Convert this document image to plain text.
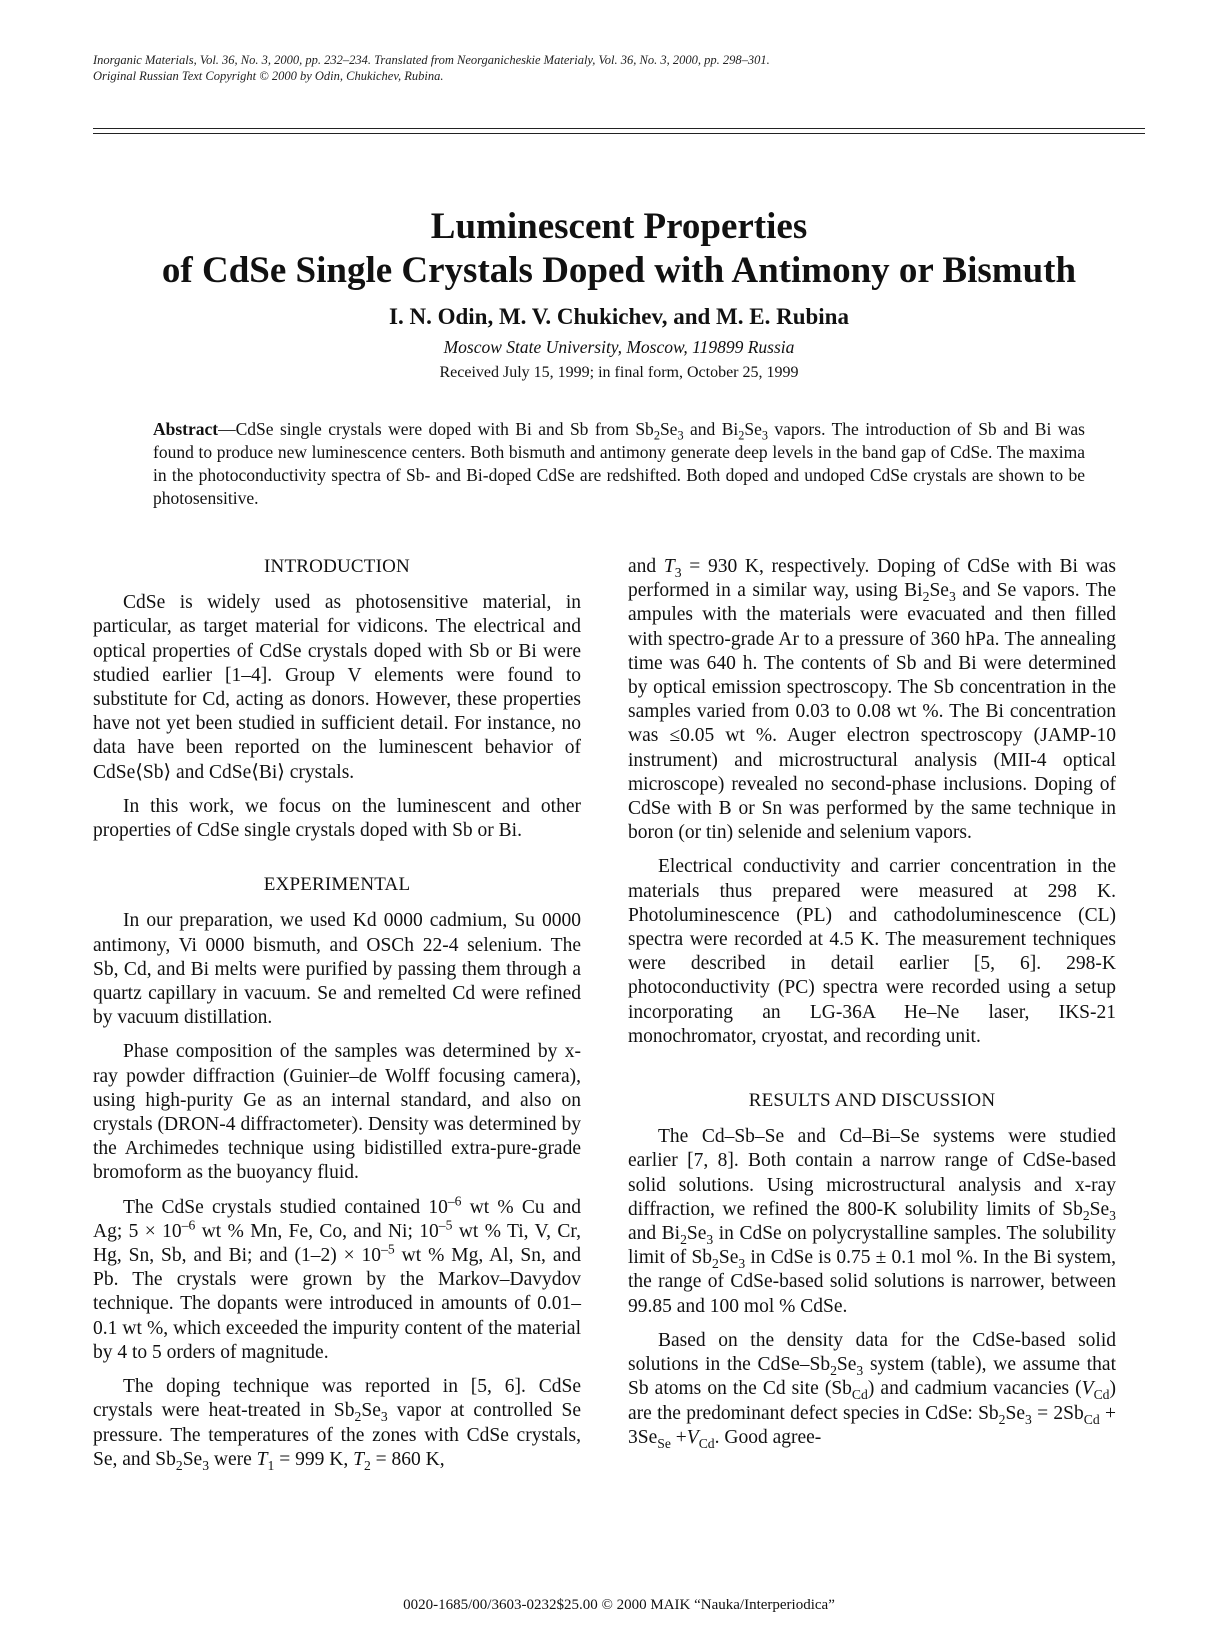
Inorganic Materials, Vol. 36, No. 3, 2000, pp. 232–234. Translated from Neorganicheskie Materialy, Vol. 36, No. 3, 2000, pp. 298–301.
Original Russian Text Copyright © 2000 by Odin, Chukichev, Rubina.
Luminescent Properties
of CdSe Single Crystals Doped with Antimony or Bismuth
I. N. Odin, M. V. Chukichev, and M. E. Rubina
Moscow State University, Moscow, 119899 Russia
Received July 15, 1999; in final form, October 25, 1999
Abstract—CdSe single crystals were doped with Bi and Sb from $Sb_2Se_3$ and $Bi_2Se_3$ vapors. The introduction of Sb and Bi was found to produce new luminescence centers. Both bismuth and antimony generate deep levels in the band gap of CdSe. The maxima in the photoconductivity spectra of Sb- and Bi-doped CdSe are redshifted. Both doped and undoped CdSe crystals are shown to be photosensitive.
INTRODUCTION

CdSe is widely used as photosensitive material, in particular, as target material for vidicons. The electrical and optical properties of CdSe crystals doped with Sb or Bi were studied earlier [1–4]. Group V elements were found to substitute for Cd, acting as donors. However, these properties have not yet been studied in sufficient detail. For instance, no data have been reported on the luminescent behavior of CdSe⟨Sb⟩ and CdSe⟨Bi⟩ crystals.

In this work, we focus on the luminescent and other properties of CdSe single crystals doped with Sb or Bi.

EXPERIMENTAL

In our preparation, we used Kd 0000 cadmium, Su 0000 antimony, Vi 0000 bismuth, and OSCh 22-4 selenium. The Sb, Cd, and Bi melts were purified by passing them through a quartz capillary in vacuum. Se and remelted Cd were refined by vacuum distillation.

Phase composition of the samples was determined by x-ray powder diffraction (Guinier–de Wolff focusing camera), using high-purity Ge as an internal standard, and also on crystals (DRON-4 diffractometer). Density was determined by the Archimedes technique using bidistilled extra-pure-grade bromoform as the buoyancy fluid.

The CdSe crystals studied contained $10^{-6}$ wt % Cu and Ag; $5 \times 10^{-6}$ wt % Mn, Fe, Co, and Ni; $10^{-5}$ wt % Ti, V, Cr, Hg, Sn, Sb, and Bi; and $(1-2) \times 10^{-5}$ wt % Mg, Al, Sn, and Pb. The crystals were grown by the Markov–Davydov technique. The dopants were introduced in amounts of 0.01–0.1 wt %, which exceeded the impurity content of the material by 4 to 5 orders of magnitude.

The doping technique was reported in [5, 6]. CdSe crystals were heat-treated in $Sb_2Se_3$ vapor at controlled Se pressure. The temperatures of the zones with CdSe crystals, Se, and $Sb_2Se_3$ were $T_1 = 999$ K, $T_2 = 860$ K,

and $T_3 = 930$ K, respectively. Doping of CdSe with Bi was performed in a similar way, using $Bi_2Se_3$ and Se vapors. The ampules with the materials were evacuated and then filled with spectro-grade Ar to a pressure of 360 hPa. The annealing time was 640 h. The contents of Sb and Bi were determined by optical emission spectroscopy. The Sb concentration in the samples varied from 0.03 to 0.08 wt %. The Bi concentration was ≤0.05 wt %. Auger electron spectroscopy (JAMP-10 instrument) and microstructural analysis (MII-4 optical microscope) revealed no second-phase inclusions. Doping of CdSe with B or Sn was performed by the same technique in boron (or tin) selenide and selenium vapors.

Electrical conductivity and carrier concentration in the materials thus prepared were measured at 298 K. Photoluminescence (PL) and cathodoluminescence (CL) spectra were recorded at 4.5 K. The measurement techniques were described in detail earlier [5, 6]. 298-K photoconductivity (PC) spectra were recorded using a setup incorporating an LG-36A He–Ne laser, IKS-21 monochromator, cryostat, and recording unit.

RESULTS AND DISCUSSION

The Cd–Sb–Se and Cd–Bi–Se systems were studied earlier [7, 8]. Both contain a narrow range of CdSe-based solid solutions. Using microstructural analysis and x-ray diffraction, we refined the 800-K solubility limits of $Sb_2Se_3$ and $Bi_2Se_3$ in CdSe on polycrystalline samples. The solubility limit of $Sb_2Se_3$ in CdSe is 0.75 ± 0.1 mol %. In the Bi system, the range of CdSe-based solid solutions is narrower, between 99.85 and 100 mol % CdSe.

Based on the density data for the CdSe-based solid solutions in the CdSe–$Sb_2Se_3$ system (table), we assume that Sb atoms on the Cd site $(Sb_{Cd})$ and cadmium vacancies $(V_{Cd})$ are the predominant defect species in CdSe: $Sb_2Se_3 = 2Sb_{Cd} + 3Se_{Se} +V_{Cd}$. Good agree-

0020-1685/00/3603-0232$25.00 © 2000 MAIK “Nauka/Interperiodica”
